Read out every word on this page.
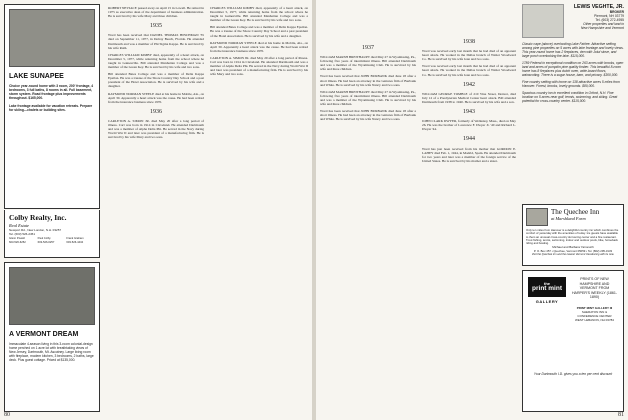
LAKE SUNAPEE
Choice year-round home with 3 room, 200' frontage, 4 bedrooms, 3 full baths, 8 rooms in all. Full basement, storm system. Road frontage plus improvements throughout. $165,000.
Lake frontage available for vacation retreats. Prepare for skiing—chalets or building sites.
Colby Realty, Inc.
Real Estate
Newport Rd., New London, N.H. 03257
Tel. (603) 526-2451
Glenn Powell	Paul Colby	Frank Graham
603-526-6252	603-526-6257	603-526-4434
A VERMONT DREAM
Immaculate 4-season living in this 3-room colonial-design home perched on 1 acre lot with breathtaking views of New Jersey, Dartmouth, Mt. Ascutney. Large living room with fireplace, modern kitchen, 3 bedrooms, 2 baths, large deck. Plus guest cottage. Priced at $135,000.

ROBERT NEVIACE passed away on April 15 in Lowell. He retired in 1975 as executive dean of the department of business administration. He is survived by his wife Mary and three children.

1935

Word has been received that DANIEL THOMAS HINCHMAN '35 died on September 11, 1977, in Delray Beach, Florida. He attended Dartmouth and was a member of Phi Sigma Kappa. He is survived by his wife Ruth.

CHARLES WILLIAM KIMBY died, apparently of a heart attack, on December 5, 1977, while returning home from the school where he taught in Gainesville. Bill attended Manhattan College and was a member of the Green Key. He is survived by his wife and two sons.

Bill attended Bates College and was a member of Delta Kappa Epsilon. He was a trustee of the Shore Country Day School and a past president of the Hotel Association. He is survived by his wife and a daughter.

RAYMOND NORMAN STEELE died at his home in Mobile, Ala., on April 30. Apparently a heart attack was the cause. He had been retired from the insurance business since 1970.

1936

CARLETON A. SIMON JR. died May 20 after a long period of illness. Carl was born in 1914 in Cleveland. He attended Dartmouth and was a member of Alpha Delta Phi. He served in the Navy during World War II and later was president of a manufacturing firm. He is survived by his wife Mary and two sons.

CHARLES WILLIAM KIMBY died, apparently of a heart attack, on December 5, 1977, while returning home from the school where he taught in Gainesville. Bill attended Manhattan College and was a member of the Green Key. He is survived by his wife and two sons.

Bill attended Bates College and was a member of Delta Kappa Epsilon. He was a trustee of the Shore Country Day School and a past president of the Hotel Association. He is survived by his wife and a daughter.

RAYMOND NORMAN STEELE died at his home in Mobile, Ala., on April 30. Apparently a heart attack was the cause. He had been retired from the insurance business since 1970.

CARLETON A. SIMON JR. died May 20 after a long period of illness. Carl was born in 1914 in Cleveland. He attended Dartmouth and was a member of Alpha Delta Phi. He served in the Navy during World War II and later was president of a manufacturing firm. He is survived by his wife Mary and two sons.

80
1937

WILLIAM MARSH BREITHAUPT died May 27 in Wyomissing, Pa., following five years of intermittent illness. Bill attended Dartmouth and was a member of the Wyomissing Club. He is survived by his wife and three children.

Word has been received that JOHN BURBANK died June 18 after a short illness. He had been an attorney in the ventures firm of Burbank and White. He is survived by his wife Nancy and two sons.

WILLIAM MARSH BREITHAUPT died May 27 in Wyomissing, Pa., following five years of intermittent illness. Bill attended Dartmouth and was a member of the Wyomissing Club. He is survived by his wife and three children.

Word has been received that JOHN BURBANK died June 18 after a short illness. He had been an attorney in the ventures firm of Burbank and White. He is survived by his wife Nancy and two sons.

1938

Word was received early last month that he had died of an apparent heart attack. He worked in the Dallas branch of Walter Woodward Co. He is survived by his wife Jean and two sons.

Word was received early last month that he had died of an apparent heart attack. He worked in the Dallas branch of Walter Woodward Co. He is survived by his wife Jean and two sons.

1942

WILLIAM GEORGE TOMBLE of 210 Vine Street, Denver, died July 12 of a Presbyterian Medical Center heart attack. Bill attended Dartmouth from 1938 to 1940. He is survived by his wife and a son.

1943

JOHN CLARK DWYER, formerly of Wellesley, Mass., died on May 26. He was the brother of Lawrence F. Dwyer Jr. '40 and Richard L. Dwyer '44.

1944

Word has just been received from his mother that GORDON E. LAHEY died Feb. 1, 1944, in Madrid, Spain. He attended Dartmouth for two years and later was a member of the foreign service of the United States. He is survived by his mother and a sister.

LEWIS VEGHTE, JR.
BROKER
Piermont, NH 03779
Tel. (603) 272-4955
Other properties and land in
New Hampshire and Vermont
Classic cape (above) overlooking Lake Fairlee. Attractive setting among pine properties on 5 acres with lake frontage and lovely views. This year-round home has 2 fireplaces, den with Jotul stove, and large porch overlooking the lake. $115,000.
1789 Federal in exceptional condition on 263 acres with brooks, open land and acres of pumpkin pine quality timber. This beautiful 8-room home has 8 fireplaces plus dutch oven, wide-board floors, wainscoting. There is a sugar house, barn, and privacy. $300,000.
Fine country setting with home on 138 attractive acres 5 miles from Hanover. Forest, brooks, lovely grounds. $80,000.
Spacious country inn in excellent condition in Orford, N.H. Fine location on 5 acres near golf, tennis, swimming, and skiing. Great potential for cross-country center. $115,000.
The Quechee Inn
at Marshland Farm
Only ten miles from Hanover is a delightful country inn which combines the comfort of yesterday with the amenities of today. Ice guests have available to them an unusual cross-country ski touring center and a fine restaurant. Trout fishing, tennis, swimming, indoor and outdoor pools, bike, horseback riding and boating.
Michael and Barbara Yarnevich
P. O. Box 457 • Quechee, Vermont 05059 • Tel. (802) 295-3133
Visit the Quechee Inn and the newest Vermont Vacationing with its new.
the
print mint
GALLERY
PRINTS OF NEW HAMPSHIRE AND VERMONT FROM HARPER'S WEEKLY (1861-1890)
PRINT MINT GALLERY III
SHERATON INN & CONFERENCE CENTER
WEST LEBANON, NH 03784
Your Dartmouth I.D. gives you a ten per cent discount
81
